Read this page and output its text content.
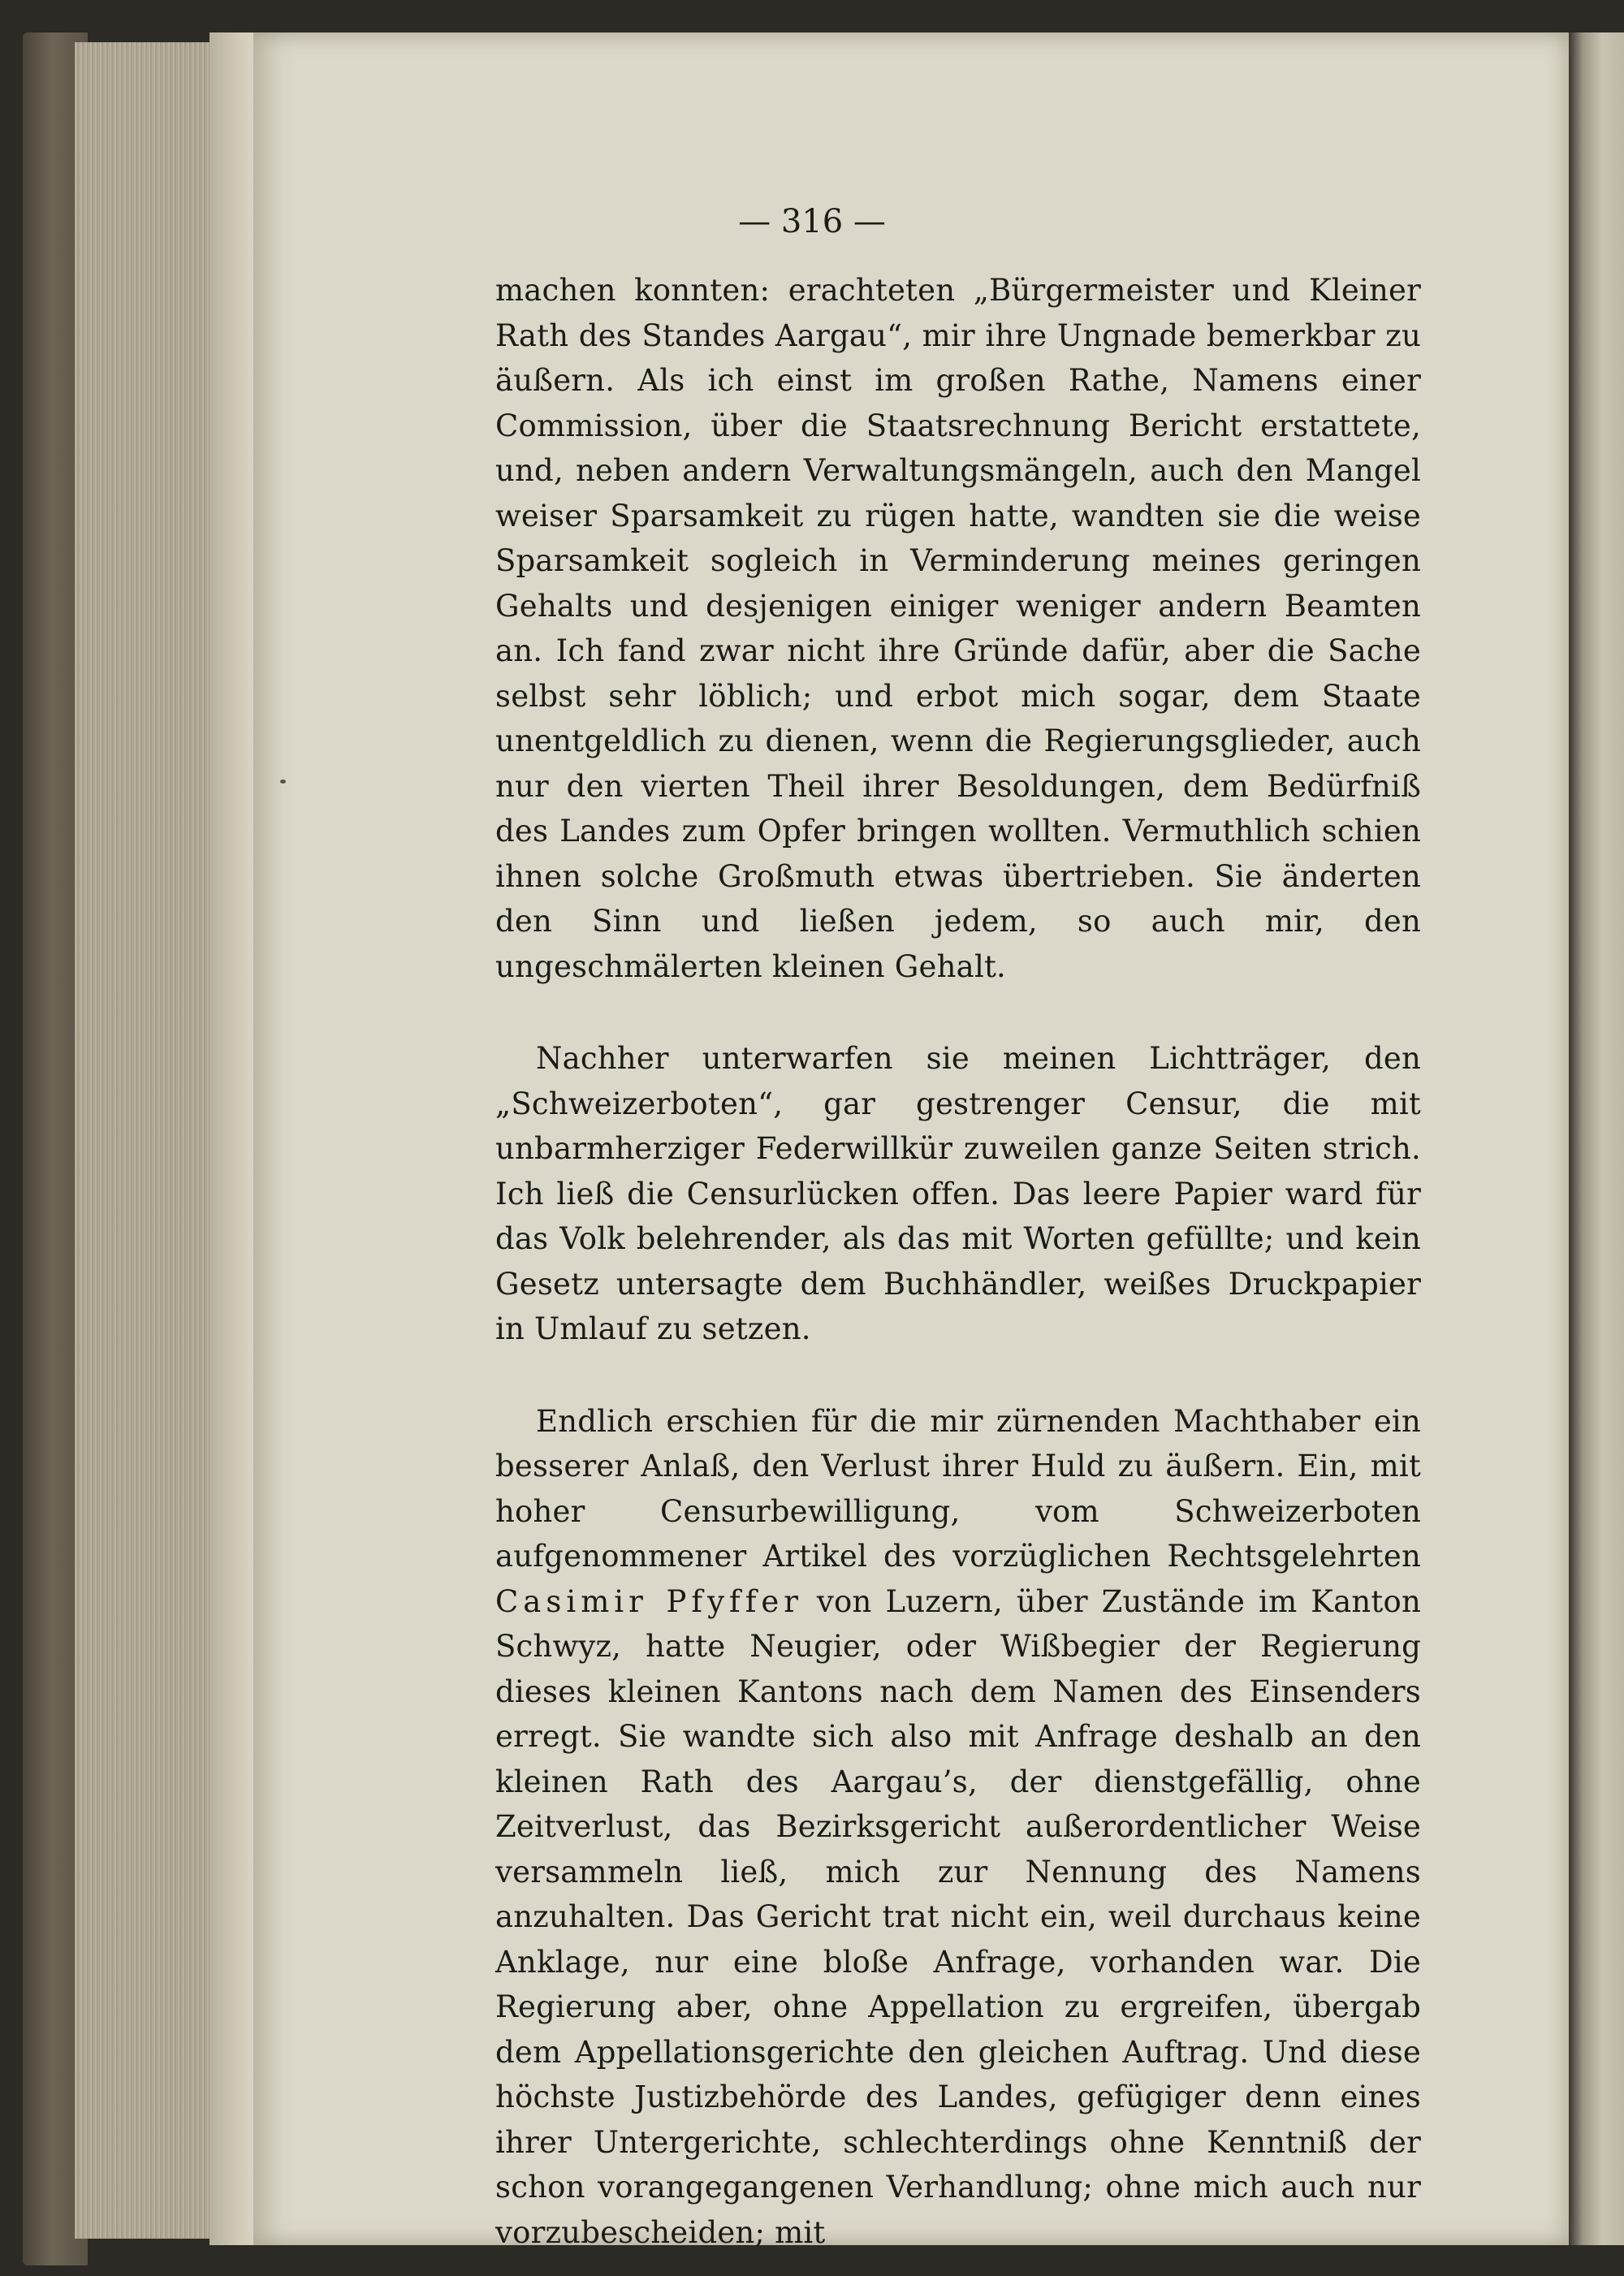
— 316 —

machen konnten: erachteten „Bürgermeister und Kleiner Rath des Standes Aargau“, mir ihre Ungnade bemerkbar zu äußern. Als ich einst im großen Rathe, Namens einer Commission, über die Staatsrechnung Bericht erstattete, und, neben andern Verwaltungsmängeln, auch den Mangel weiser Sparsamkeit zu rügen hatte, wandten sie die weise Sparsamkeit sogleich in Verminderung meines geringen Gehalts und desjenigen einiger weniger andern Beamten an. Ich fand zwar nicht ihre Gründe dafür, aber die Sache selbst sehr löblich; und erbot mich sogar, dem Staate unentgeldlich zu dienen, wenn die Regierungsglieder, auch nur den vierten Theil ihrer Besoldungen, dem Bedürfniß des Landes zum Opfer bringen wollten. Vermuthlich schien ihnen solche Großmuth etwas übertrieben. Sie änderten den Sinn und ließen jedem, so auch mir, den ungeschmälerten kleinen Gehalt.

Nachher unterwarfen sie meinen Lichtträger, den „Schweizerboten“, gar gestrenger Censur, die mit unbarmherziger Federwillkür zuweilen ganze Seiten strich. Ich ließ die Censurlücken offen. Das leere Papier ward für das Volk belehrender, als das mit Worten gefüllte; und kein Gesetz untersagte dem Buchhändler, weißes Druckpapier in Umlauf zu setzen.

Endlich erschien für die mir zürnenden Machthaber ein besserer Anlaß, den Verlust ihrer Huld zu äußern. Ein, mit hoher Censurbewilligung, vom Schweizerboten aufgenommener Artikel des vorzüglichen Rechtsgelehrten Casimir Pfyffer von Luzern, über Zustände im Kanton Schwyz, hatte Neugier, oder Wißbegier der Regierung dieses kleinen Kantons nach dem Namen des Einsenders erregt. Sie wandte sich also mit Anfrage deshalb an den kleinen Rath des Aargau’s, der dienstgefällig, ohne Zeitverlust, das Bezirksgericht außerordentlicher Weise versammeln ließ, mich zur Nennung des Namens anzuhalten. Das Gericht trat nicht ein, weil durchaus keine Anklage, nur eine bloße Anfrage, vorhanden war. Die Regierung aber, ohne Appellation zu ergreifen, übergab dem Appellationsgerichte den gleichen Auftrag. Und diese höchste Justizbehörde des Landes, gefügiger denn eines ihrer Untergerichte, schlechterdings ohne Kenntniß der schon vorangegangenen Verhandlung; ohne mich auch nur vorzubescheiden; mit
